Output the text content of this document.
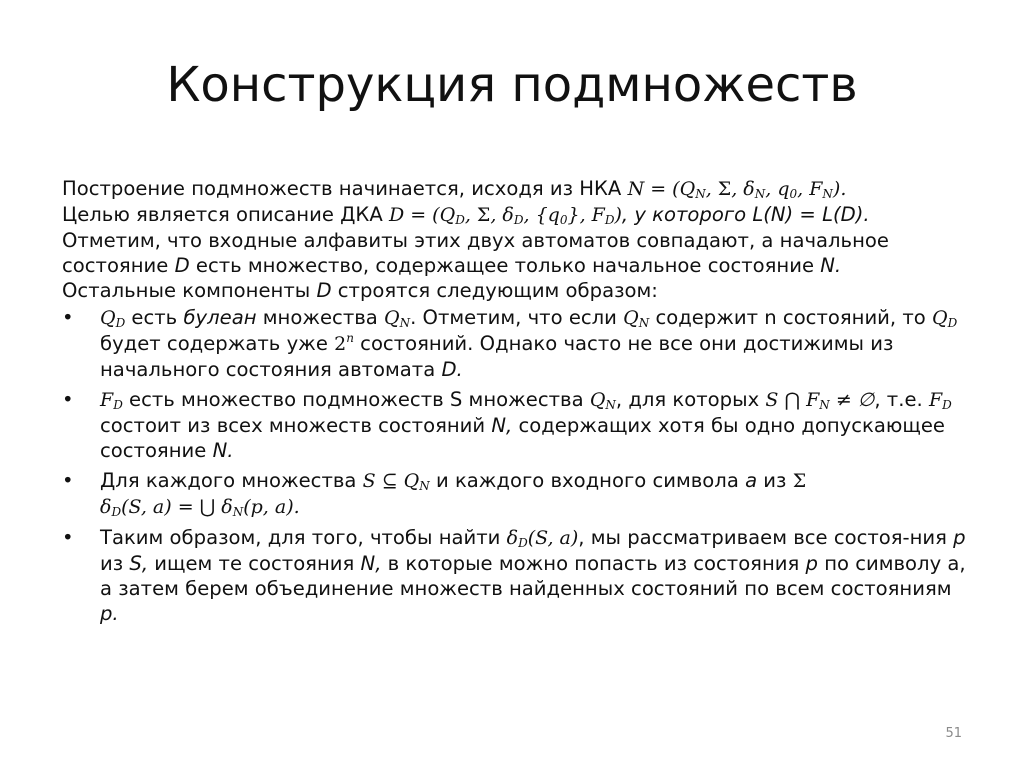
Конструкция подмножеств

Построение подмножеств начинается, исходя из НКА $N = (Q_N$, Σ, $\delta_N$, $q_0$, $F_N$).
Целью является описание ДКА $D = (Q_D$, Σ, $\delta_D$, $\{q_0\}$, $F_D$), у которого L(N) = L(D).
Отметим, что входные алфавиты этих двух автоматов совпадают, а начальное состояние D есть множество, содержащее только начальное состояние N.
Остальные компоненты D строятся следующим образом:

• $Q_D$ есть булеан множества $Q_N$. Отметим, что если $Q_N$ содержит n состояний, то $Q_D$ будет содержать уже 2$^n$ состояний. Однако часто не все они достижимы из начального состояния автомата D.
• $F_D$ есть множество подмножеств S множества $Q_N$, для которых S ⋂ $F_N$ ≠ ∅, т.е. $F_D$ состоит из всех множеств состояний N, содержащих хотя бы одно допускающее состояние N.
• Для каждого множества S ⊆ $Q_N$ и каждого входного символа a из Σ
$\delta_D(S$, a) = ⋃ $\delta_N(p$, a).
• Таким образом, для того, чтобы найти $\delta_D(S$, a), мы рассматриваем все состоя-ния p из S, ищем те состояния N, в которые можно попасть из состояния p по символу a, а затем берем объединение множеств найденных состояний по всем состояниям p.
51
